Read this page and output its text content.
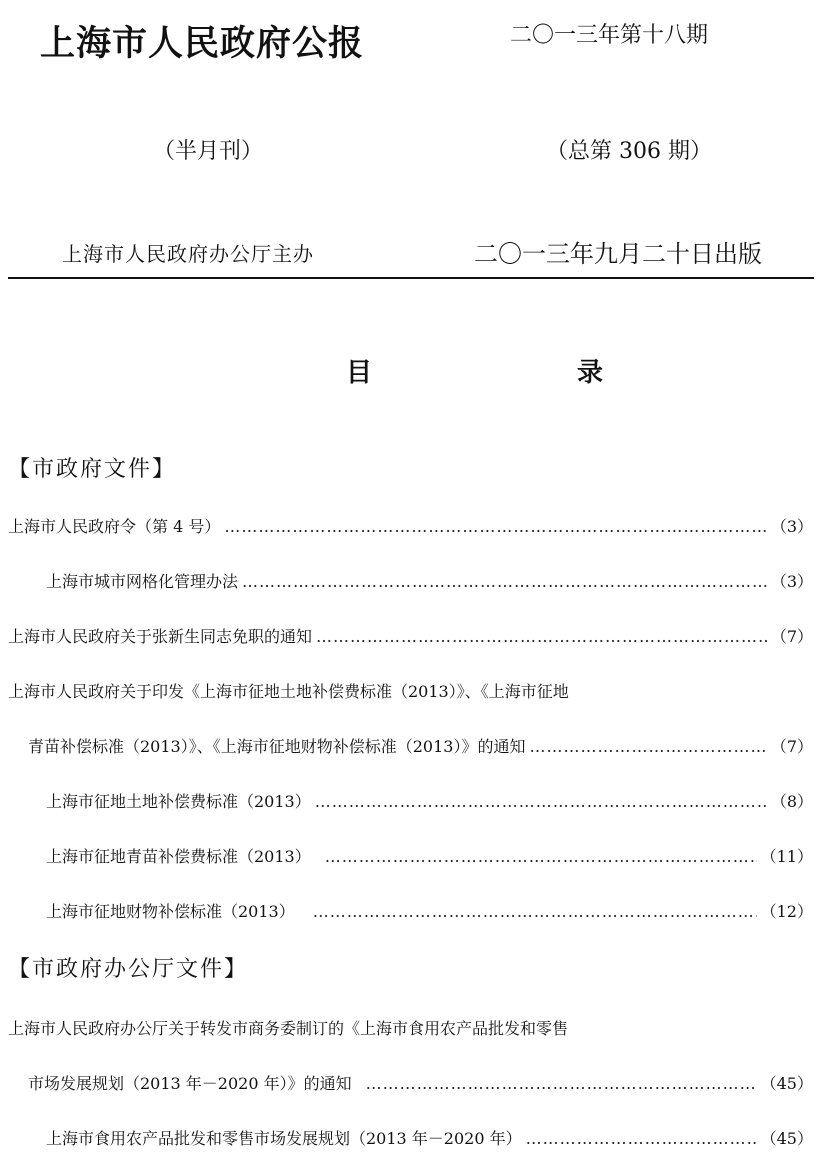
上海市人民政府公报	二〇一三年第十八期
（半月刊）	（总第 306 期）
上海市人民政府办公厅主办	二〇一三年九月二十日出版
目 录
【市政府文件】
上海市人民政府令（第 4 号） …………………………………………………………………………………………………………………………………………………………………………………………………………	（3）
上海市城市网格化管理办法 …………………………………………………………………………………………………………………………………………………………………………………………………………	（3）
上海市人民政府关于张新生同志免职的通知 …………………………………………………………………………………………………………………………………………………………………………………………………………	（7）
上海市人民政府关于印发《上海市征地土地补偿费标准（2013）》、《上海市征地
青苗补偿标准（2013）》、《上海市征地财物补偿标准（2013）》的通知 …………………………………………………………………………………………………………………………………………………………………………………………………………	（7）
上海市征地土地补偿费标准（2013） …………………………………………………………………………………………………………………………………………………………………………………………………………	（8）
上海市征地青苗补偿费标准（2013） …………………………………………………………………………………………………………………………………………………………………………………………………………	（11）
上海市征地财物补偿标准（2013） …………………………………………………………………………………………………………………………………………………………………………………………………………	（12）
【市政府办公厅文件】
上海市人民政府办公厅关于转发市商务委制订的《上海市食用农产品批发和零售
市场发展规划（2013 年－2020 年）》的通知 …………………………………………………………………………………………………………………………………………………………………………………………………………	（45）
上海市食用农产品批发和零售市场发展规划（2013 年－2020 年） …………………………………………………………………………………………………………………………………………………………………………………………………………	（45）
